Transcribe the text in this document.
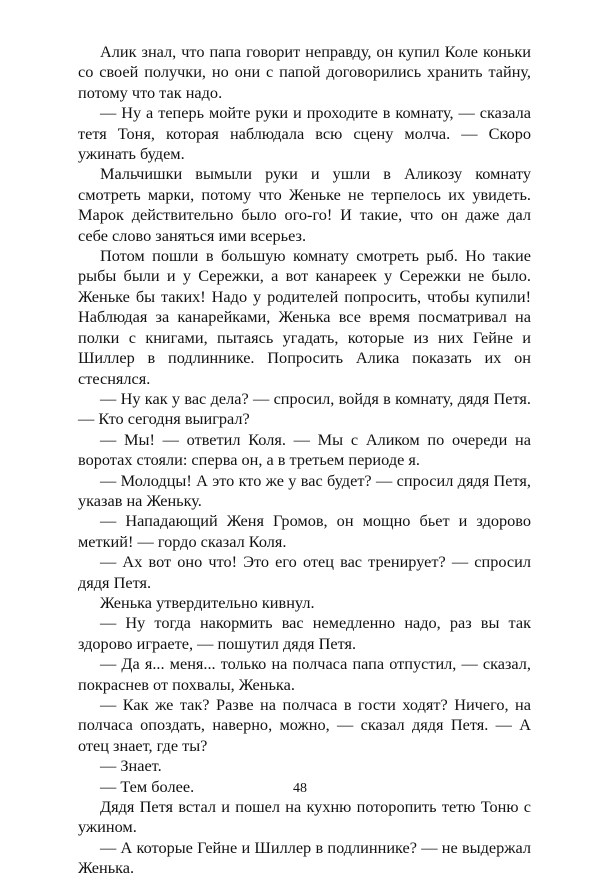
Алик знал, что папа говорит неправду, он купил Коле коньки со своей получки, но они с папой договорились хранить тайну, потому что так надо.

— Ну а теперь мойте руки и проходите в комнату, — сказала тетя Тоня, которая наблюдала всю сцену молча. — Скоро ужинать будем.

Мальчишки вымыли руки и ушли в Аликозу комнату смотреть марки, потому что Женьке не терпелось их увидеть. Марок действительно было ого-го! И такие, что он даже дал себе слово заняться ими всерьез.

Потом пошли в большую комнату смотреть рыб. Но такие рыбы были и у Сережки, а вот канареек у Сережки не было. Женьке бы таких! Надо у родителей попросить, чтобы купили! Наблюдая за канарейками, Женька все время посматривал на полки с книгами, пытаясь угадать, которые из них Гейне и Шиллер в подлиннике. Попросить Алика показать их он стеснялся.

— Ну как у вас дела? — спросил, войдя в комнату, дядя Петя. — Кто сегодня выиграл?

— Мы! — ответил Коля. — Мы с Аликом по очереди на воротах стояли: сперва он, а в третьем периоде я.

— Молодцы! А это кто же у вас будет? — спросил дядя Петя, указав на Женьку.

— Нападающий Женя Громов, он мощно бьет и здорово меткий! — гордо сказал Коля.

— Ах вот оно что! Это его отец вас тренирует? — спросил дядя Петя.

Женька утвердительно кивнул.

— Ну тогда накормить вас немедленно надо, раз вы так здорово играете, — пошутил дядя Петя.

— Да я... меня... только на полчаса папа отпустил, — сказал, покраснев от похвалы, Женька.

— Как же так? Разве на полчаса в гости ходят? Ничего, на полчаса опоздать, наверно, можно, — сказал дядя Петя. — А отец знает, где ты?

— Знает.

— Тем более.

Дядя Петя встал и пошел на кухню поторопить тетю Тоню с ужином.

— А которые Гейне и Шиллер в подлиннике? — не выдержал Женька.

48
